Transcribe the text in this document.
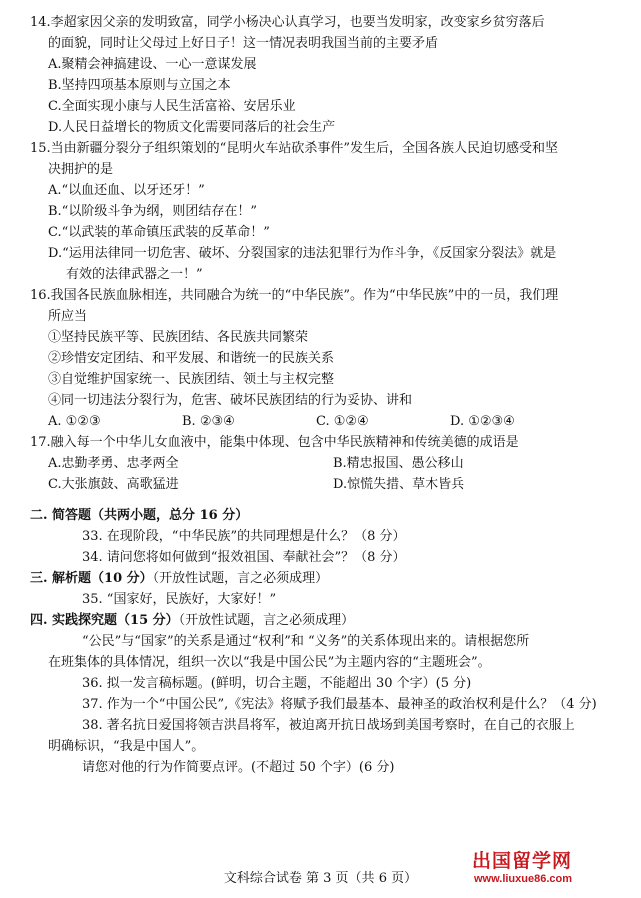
14.李超家因父亲的发明致富，同学小杨决心认真学习，也要当发明家，改变家乡贫穷落后
的面貌，同时让父母过上好日子！这一情况表明我国当前的主要矛盾
A.聚精会神搞建设、一心一意谋发展
B.坚持四项基本原则与立国之本
C.全面实现小康与人民生活富裕、安居乐业
D.人民日益增长的物质文化需要同落后的社会生产
15.当由新疆分裂分子组织策划的“昆明火车站砍杀事件”发生后，全国各族人民迫切感受和坚
决拥护的是
A.“以血还血、以牙还牙！”
B.“以阶级斗争为纲，则团结存在！”
C.“以武装的革命镇压武装的反革命！”
D.“运用法律同一切危害、破坏、分裂国家的违法犯罪行为作斗争，《反国家分裂法》就是
有效的法律武器之一！”
16.我国各民族血脉相连，共同融合为统一的“中华民族”。作为“中华民族”中的一员，我们理
所应当
①坚持民族平等、民族团结、各民族共同繁荣
②珍惜安定团结、和平发展、和谐统一的民族关系
③自觉维护国家统一、民族团结、领土与主权完整
④同一切违法分裂行为，危害、破坏民族团结的行为妥协、讲和
A. ①②③	B. ②③④	C. ①②④	D. ①②③④
17.融入每一个中华儿女血液中，能集中体现、包含中华民族精神和传统美德的成语是
A.忠勤孝勇、忠孝两全	B.精忠报国、愚公移山
C.大张旗鼓、高歌猛进	D.惊慌失措、草木皆兵
二. 简答题（共两小题，总分 16 分）
33. 在现阶段，“中华民族”的共同理想是什么？（8 分）
34. 请问您将如何做到“报效祖国、奉献社会”？（8 分）
三. 解析题（10 分）（开放性试题，言之必须成理）
35. “国家好，民族好，大家好！”
四. 实践探究题（15 分）（开放性试题，言之必须成理）
“公民”与“国家”的关系是通过“权利”和 “义务”的关系体现出来的。请根据您所
在班集体的具体情况，组织一次以“我是中国公民”为主题内容的“主题班会”。
36. 拟一发言稿标题。(鲜明，切合主题，不能超出 30 个字）(5 分)
37. 作为一个“中国公民”,《宪法》将赋予我们最基本、最神圣的政治权利是什么？（4 分)
38. 著名抗日爱国将领吉洪昌将军，被迫离开抗日战场到美国考察时，在自己的衣服上
明确标识，“我是中国人”。
请您对他的行为作简要点评。(不超过 50 个字）(6 分)
文科综合试卷 第 3 页（共 6 页）
出国留学网
www.liuxue86.com
